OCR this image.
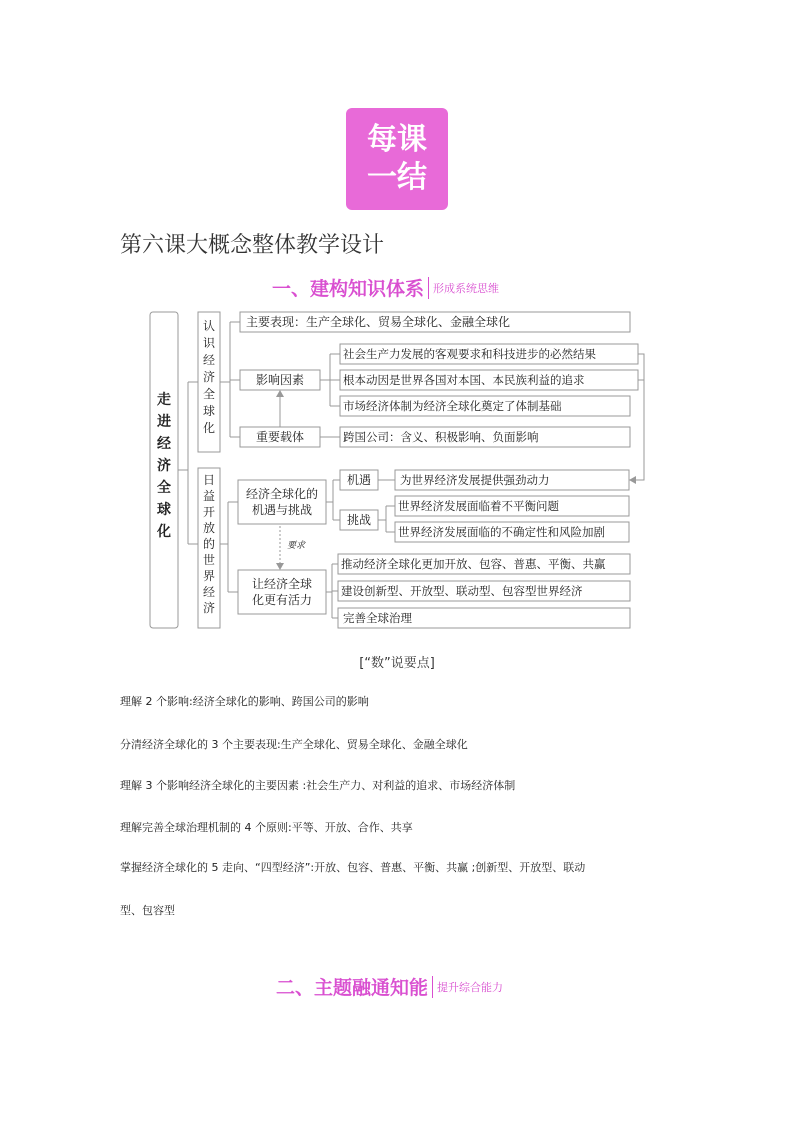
每课
一结
第六课大概念整体教学设计
一、建构知识体系 形成系统思维
走进经济全球化
认识经济全球化
日益开放的世界经济
主要表现：生产全球化、贸易全球化、金融全球化
影响因素
社会生产力发展的客观要求和科技进步的必然结果
根本动因是世界各国对本国、本民族利益的追求
市场经济体制为经济全球化奠定了体制基础
重要载体	跨国公司：含义、积极影响、负面影响
经济全球化的
机遇与挑战
机遇	为世界经济发展提供强劲动力
挑战
世界经济发展面临着不平衡问题
世界经济发展面临的不确定性和风险加剧
要求
让经济全球
化更有活力
推动经济全球化更加开放、包容、普惠、平衡、共赢
建设创新型、开放型、联动型、包容型世界经济
完善全球治理
[“数”说要点]
理解 2 个影响:经济全球化的影响、跨国公司的影响
分清经济全球化的 3 个主要表现:生产全球化、贸易全球化、金融全球化
理解 3 个影响经济全球化的主要因素 :社会生产力、对利益的追求、市场经济体制
理解完善全球治理机制的 4 个原则:平等、开放、合作、共享
掌握经济全球化的 5 走向、“四型经济”:开放、包容、普惠、平衡、共赢 ;创新型、开放型、联动
型、包容型
二、主题融通知能 提升综合能力
